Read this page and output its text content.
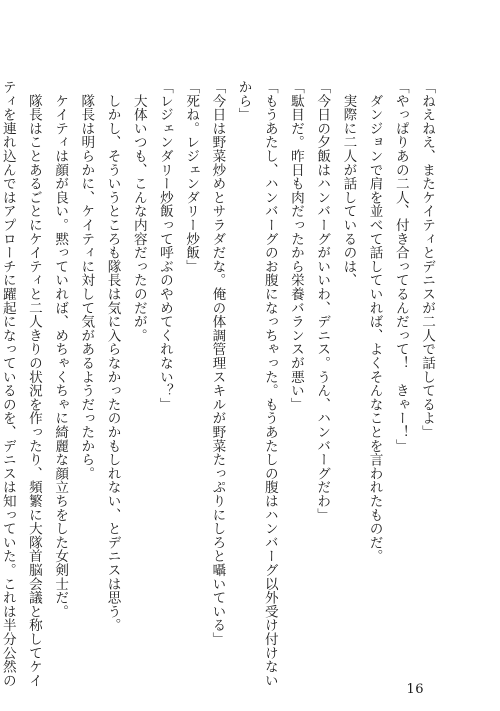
「ねえねえ、またケイティとデニスが二人で話してるよ」

「やっぱりあの二人、付き合ってるんだって！　きゃー！」

　ダンジョンで肩を並べて話していれば、よくそんなことを言われたものだ。

　実際に二人が話しているのは、

「今日の夕飯はハンバーグがいいわ、デニス。うん、ハンバーグだわ」

「駄目だ。昨日も肉だったから栄養バランスが悪い」

「もうあたし、ハンバーグのお腹になっちゃった。もうあたしの腹はハンバーグ以外受け付けない

から」

「今日は野菜炒めとサラダだな。俺の体調管理スキルが野菜たっぷりにしろと囁いている」

「死ね。レジェンダリー炒飯」

「レジェンダリー炒飯って呼ぶのやめてくれない？」

　大体いつも、こんな内容だったのだが。

　しかし、そういうところも隊長は気に入らなかったのかもしれない、とデニスは思う。

　隊長は明らかに、ケイティに対して気があるようだったから。

　ケイティは顔が良い。黙っていれば、めちゃくちゃに綺麗な顔立ちをした女剣士だ。

　隊長はことあるごとにケイティと二人きりの状況を作ったり、頻繁に大隊首脳会議と称してケイ

ティを連れ込んではアプローチに躍起になっているのを、デニスは知っていた。これは半分公然の

16
